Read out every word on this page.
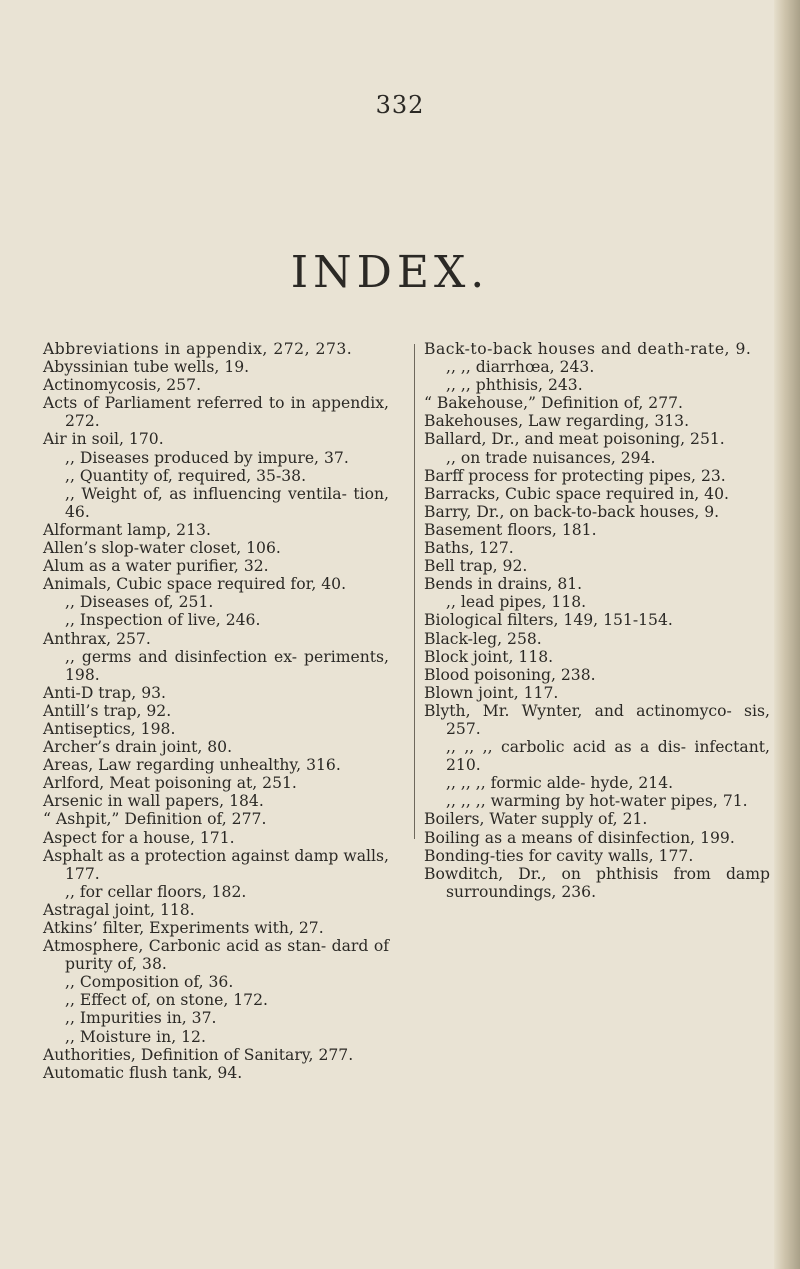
332
INDEX.
Abbreviations in appendix, 272, 273.
Abyssinian tube wells, 19.
Actinomycosis, 257.
Acts of Parliament referred to in appendix, 272.
Air in soil, 170.
,, Diseases produced by impure, 37.
,, Quantity of, required, 35-38.
,, Weight of, as influencing ventila- tion, 46.
Alformant lamp, 213.
Allen’s slop-water closet, 106.
Alum as a water purifier, 32.
Animals, Cubic space required for, 40.
,, Diseases of, 251.
,, Inspection of live, 246.
Anthrax, 257.
,, germs and disinfection ex- periments, 198.
Anti-D trap, 93.
Antill’s trap, 92.
Antiseptics, 198.
Archer’s drain joint, 80.
Areas, Law regarding unhealthy, 316.
Arlford, Meat poisoning at, 251.
Arsenic in wall papers, 184.
“ Ashpit,” Definition of, 277.
Aspect for a house, 171.
Asphalt as a protection against damp walls, 177.
,, for cellar floors, 182.
Astragal joint, 118.
Atkins’ filter, Experiments with, 27.
Atmosphere, Carbonic acid as stan- dard of purity of, 38.
,, Composition of, 36.
,, Effect of, on stone, 172.
,, Impurities in, 37.
,, Moisture in, 12.
Authorities, Definition of Sanitary, 277.
Automatic flush tank, 94.
Back-to-back houses and death-rate, 9.
,, ,, diarrhœa, 243.
,, ,, phthisis, 243.
“ Bakehouse,” Definition of, 277.
Bakehouses, Law regarding, 313.
Ballard, Dr., and meat poisoning, 251.
,, on trade nuisances, 294.
Barff process for protecting pipes, 23.
Barracks, Cubic space required in, 40.
Barry, Dr., on back-to-back houses, 9.
Basement floors, 181.
Baths, 127.
Bell trap, 92.
Bends in drains, 81.
,, lead pipes, 118.
Biological filters, 149, 151-154.
Black-leg, 258.
Block joint, 118.
Blood poisoning, 238.
Blown joint, 117.
Blyth, Mr. Wynter, and actinomyco- sis, 257.
,, ,, ,, carbolic acid as a dis- infectant, 210.
,, ,, ,, formic alde- hyde, 214.
,, ,, ,, warming by hot-water pipes, 71.
Boilers, Water supply of, 21.
Boiling as a means of disinfection, 199.
Bonding-ties for cavity walls, 177.
Bowditch, Dr., on phthisis from damp surroundings, 236.
